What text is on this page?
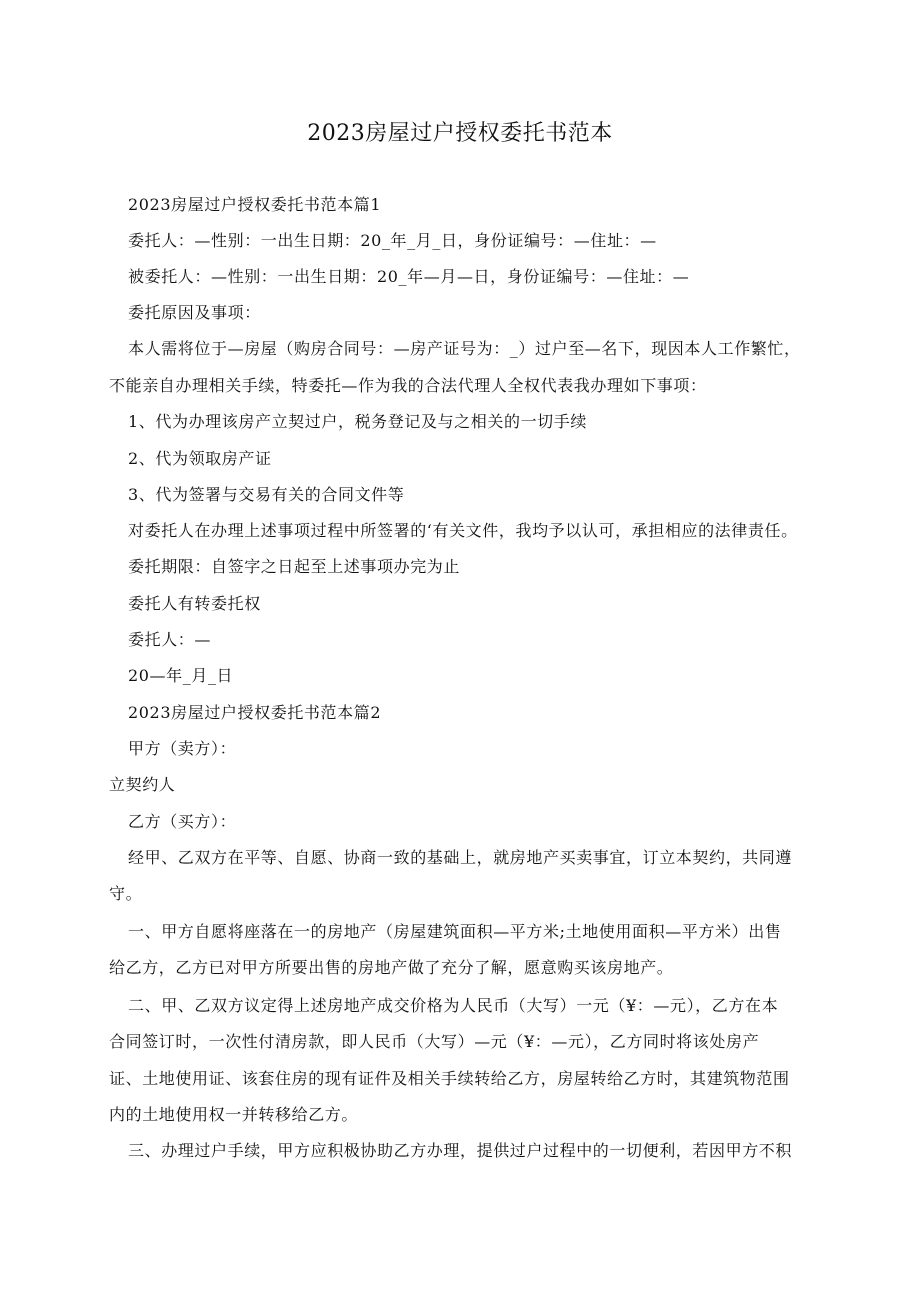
2023房屋过户授权委托书范本
2023房屋过户授权委托书范本篇1
委托人：—性别：一出生日期：20_年_月_日，身份证编号：—住址：—
被委托人：—性别：一出生日期：20_年—月—日，身份证编号：—住址：—
委托原因及事项：
本人需将位于—房屋（购房合同号：—房产证号为：_）过户至—名下，现因本人工作繁忙，
不能亲自办理相关手续，特委托—作为我的合法代理人全权代表我办理如下事项：
1、代为办理该房产立契过户，税务登记及与之相关的一切手续
2、代为领取房产证
3、代为签署与交易有关的合同文件等
对委托人在办理上述事项过程中所签署的‘有关文件，我均予以认可，承担相应的法律责任。
委托期限：自签字之日起至上述事项办完为止
委托人有转委托权
委托人：—
20—年_月_日
2023房屋过户授权委托书范本篇2
甲方（卖方）：
立契约人
乙方（买方）：
经甲、乙双方在平等、自愿、协商一致的基础上，就房地产买卖事宜，订立本契约，共同遵
守。
一、甲方自愿将座落在一的房地产（房屋建筑面积—平方米;土地使用面积—平方米）出售
给乙方，乙方已对甲方所要出售的房地产做了充分了解，愿意购买该房地产。
二、甲、乙双方议定得上述房地产成交价格为人民币（大写）一元（¥：—元），乙方在本
合同签订时，一次性付清房款，即人民币（大写）—元（¥：—元），乙方同时将该处房产
证、土地使用证、该套住房的现有证件及相关手续转给乙方，房屋转给乙方时，其建筑物范围
内的土地使用权一并转移给乙方。
三、办理过户手续，甲方应积极协助乙方办理，提供过户过程中的一切便利，若因甲方不积
